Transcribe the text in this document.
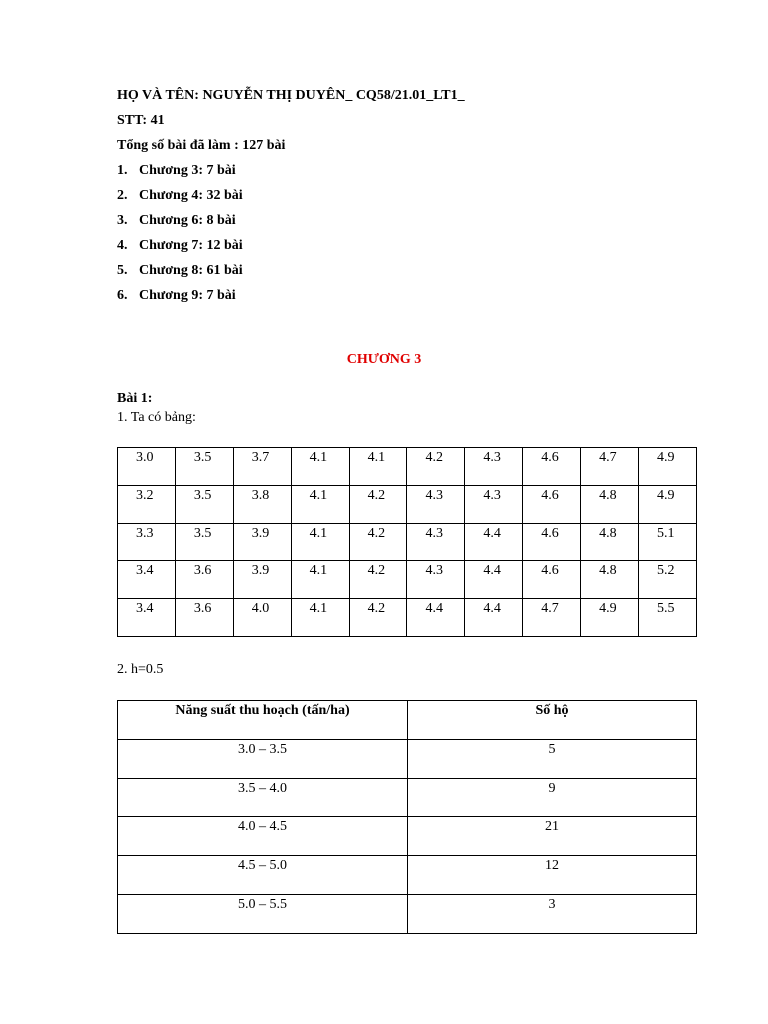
HỌ VÀ TÊN: NGUYỄN THỊ DUYÊN_ CQ58/21.01_LT1_
STT: 41
Tổng số bài đã làm : 127 bài
1. Chương 3: 7 bài
2. Chương 4: 32 bài
3. Chương 6: 8 bài
4. Chương 7: 12 bài
5. Chương 8: 61 bài
6. Chương 9: 7 bài
CHƯƠNG 3
Bài 1:
1. Ta có bảng:
3.0	3.5	3.7	4.1	4.1	4.2	4.3	4.6	4.7	4.9
3.2	3.5	3.8	4.1	4.2	4.3	4.3	4.6	4.8	4.9
3.3	3.5	3.9	4.1	4.2	4.3	4.4	4.6	4.8	5.1
3.4	3.6	3.9	4.1	4.2	4.3	4.4	4.6	4.8	5.2
3.4	3.6	4.0	4.1	4.2	4.4	4.4	4.7	4.9	5.5
2. h=0.5
Năng suất thu hoạch (tấn/ha)	Số hộ
3.0 – 3.5	5
3.5 – 4.0	9
4.0 – 4.5	21
4.5 – 5.0	12
5.0 – 5.5	3
